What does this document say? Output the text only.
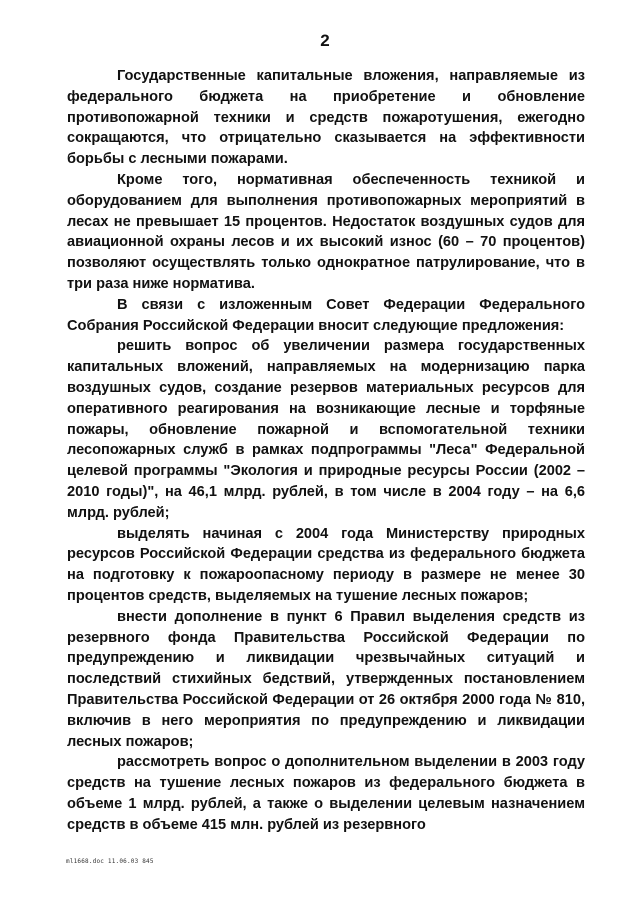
2

Государственные капитальные вложения, направляемые из федерального бюджета на приобретение и обновление противопожарной техники и средств пожаротушения, ежегодно сокращаются, что отрицательно сказывается на эффективности борьбы с лесными пожарами.

Кроме того, нормативная обеспеченность техникой и оборудованием для выполнения противопожарных мероприятий в лесах не превышает 15 процентов. Недостаток воздушных судов для авиационной охраны лесов и их высокий износ (60 – 70 процентов) позволяют осуществлять только однократное патрулирование, что в три раза ниже норматива.

В связи с изложенным Совет Федерации Федерального Собрания Российской Федерации вносит следующие предложения:

решить вопрос об увеличении размера государственных капитальных вложений, направляемых на модернизацию парка воздушных судов, создание резервов материальных ресурсов для оперативного реагирования на возникающие лесные и торфяные пожары, обновление пожарной и вспомогательной техники лесопожарных служб в рамках подпрограммы "Леса" Федеральной целевой программы "Экология и природные ресурсы России (2002 – 2010 годы)", на 46,1 млрд. рублей, в том числе в 2004 году – на 6,6 млрд. рублей;

выделять начиная с 2004 года Министерству природных ресурсов Российской Федерации средства из федерального бюджета на подготовку к пожароопасному периоду в размере не менее 30 процентов средств, выделяемых на тушение лесных пожаров;

внести дополнение в пункт 6 Правил выделения средств из резервного фонда Правительства Российской Федерации по предупреждению и ликвидации чрезвычайных ситуаций и последствий стихийных бедствий, утвержденных постановлением Правительства Российской Федерации от 26 октября 2000 года № 810, включив в него мероприятия по предупреждению и ликвидации лесных пожаров;

рассмотреть вопрос о дополнительном выделении в 2003 году средств на тушение лесных пожаров из федерального бюджета в объеме 1 млрд. рублей, а также о выделении целевым назначением средств в объеме 415 млн. рублей из резервного

ml1668.doc 11.06.03 845
